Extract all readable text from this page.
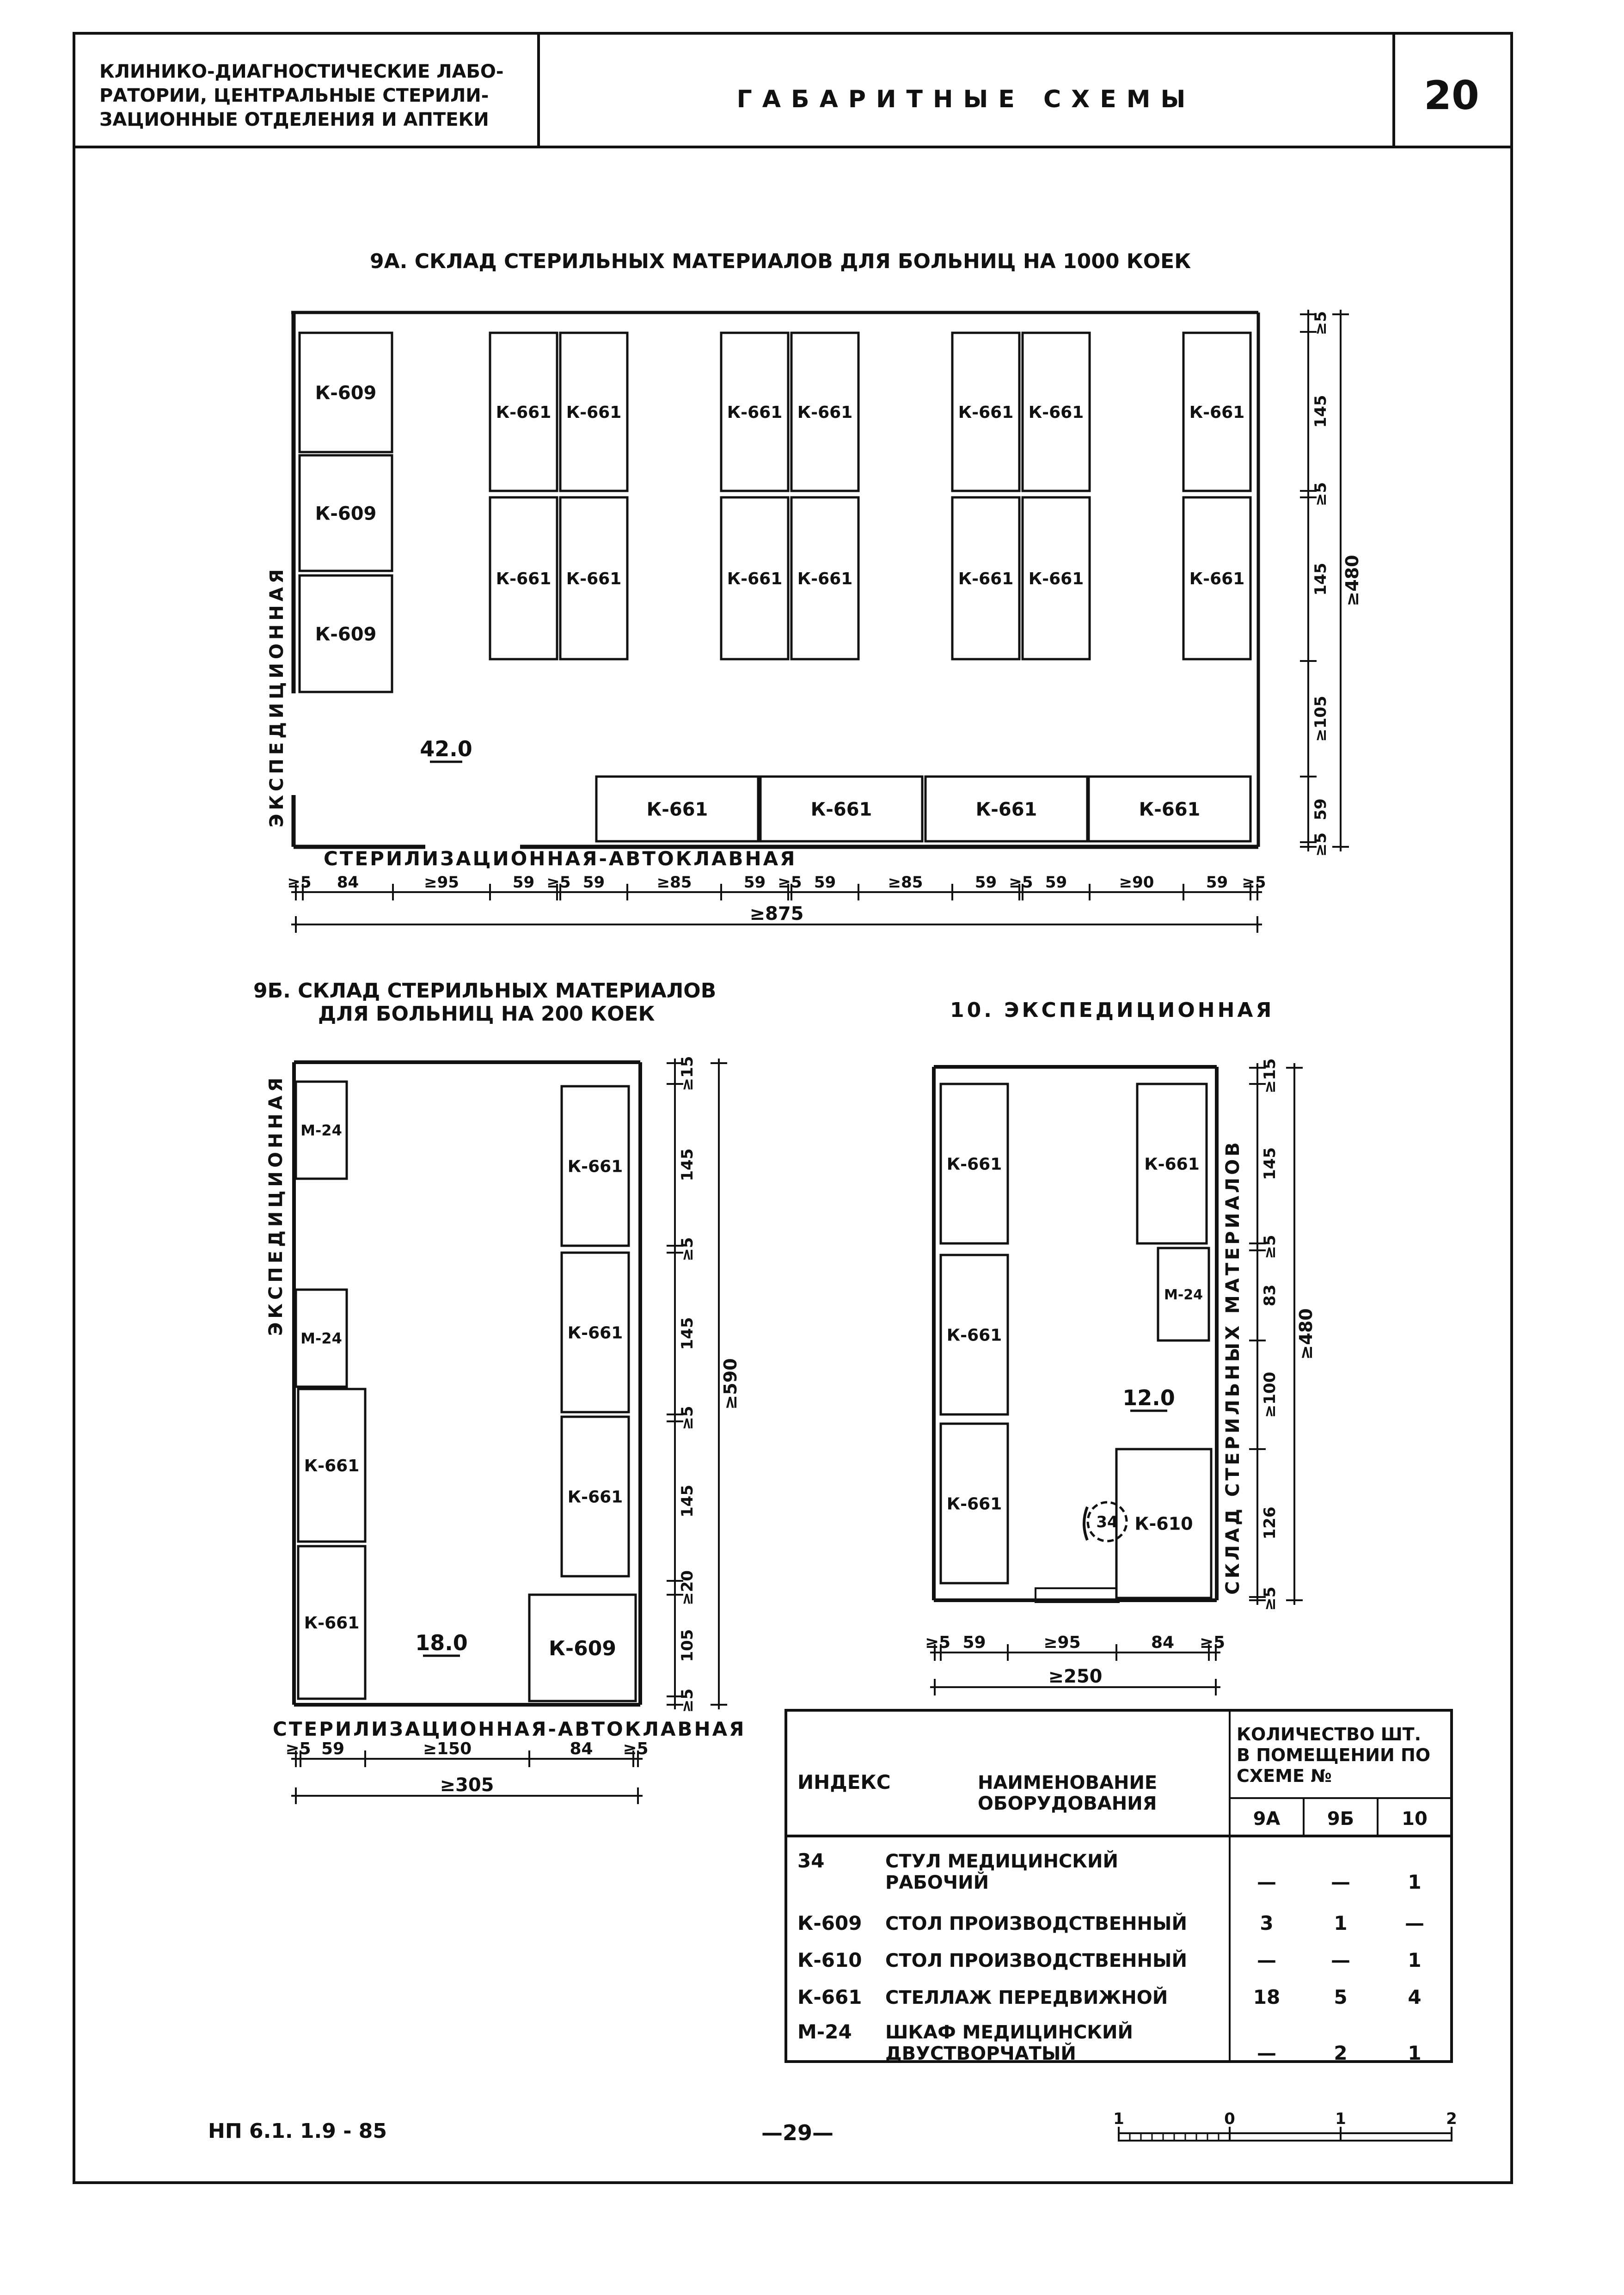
КЛИНИКО-ДИАГНОСТИЧЕСКИЕ ЛАБО-
РАТОРИИ, ЦЕНТРАЛЬНЫЕ СТЕРИЛИ-
ЗАЦИОННЫЕ ОТДЕЛЕНИЯ И АПТЕКИ
ГАБАРИТНЫЕ СХЕМЫ	20
9А. СКЛАД СТЕРИЛЬНЫХ МАТЕРИАЛОВ ДЛЯ БОЛЬНИЦ НА 1000 КОЕК
К-609
К-609
К-609
К-661
К-661
К-661
К-661
К-661
К-661
К-661
К-661
К-661
К-661
К-661
К-661
К-661
К-661
К-661	К-661	К-661	К-661
42.0
ЭКСПЕДИЦИОННАЯ
СТЕРИЛИЗАЦИОННАЯ-АВТОКЛАВНАЯ
≥5 84	≥95	59 ≥5 59	≥85	59 ≥5 59	≥85	59 ≥5 59	≥90	59 ≥5
≥875
≥5
145
≥5
145
≥105
59
≥5
≥480
9Б. СКЛАД СТЕРИЛЬНЫХ МАТЕРИАЛОВ
ДЛЯ БОЛЬНИЦ НА 200 КОЕК
М-24
М-24
К-661
К-661
К-661
К-661
К-661
К-609
18.0
ЭКСПЕДИЦИОННАЯ
СТЕРИЛИЗАЦИОННАЯ-АВТОКЛАВНАЯ
≥5 59	≥150	84 ≥5
≥305
≥15
145
≥5
145
≥5
145
≥20
105
≥5
≥590
10. ЭКСПЕДИЦИОННАЯ
К-661
К-661
К-661
К-661
М-24
К-610
34
12.0	СКЛАД СТЕРИЛЬНЫХ МАТЕРИАЛОВ
≥5 59	≥95	84 ≥5
≥250
≥15
145
≥5
83
≥100
126
≥5
≥480
ИНДЕКС	НАИМЕНОВАНИЕ
ОБОРУДОВАНИЯ
КОЛИЧЕСТВО ШТ.
В ПОМЕЩЕНИИ ПО
СХЕМЕ №
9А	9Б	10
34	СТУЛ МЕДИЦИНСКИЙ
РАБОЧИЙ	—	—	1
К-609 СТОЛ ПРОИЗВОДСТВЕННЫЙ	3	1	—
К-610 СТОЛ ПРОИЗВОДСТВЕННЫЙ	—	—	1
К-661 СТЕЛЛАЖ ПЕРЕДВИЖНОЙ	18	5	4
М-24 ШКАФ МЕДИЦИНСКИЙ
ДВУСТВОРЧАТЫЙ	—	2	1
НП 6.1. 1.9 - 85	—29—
1	0	1	2
